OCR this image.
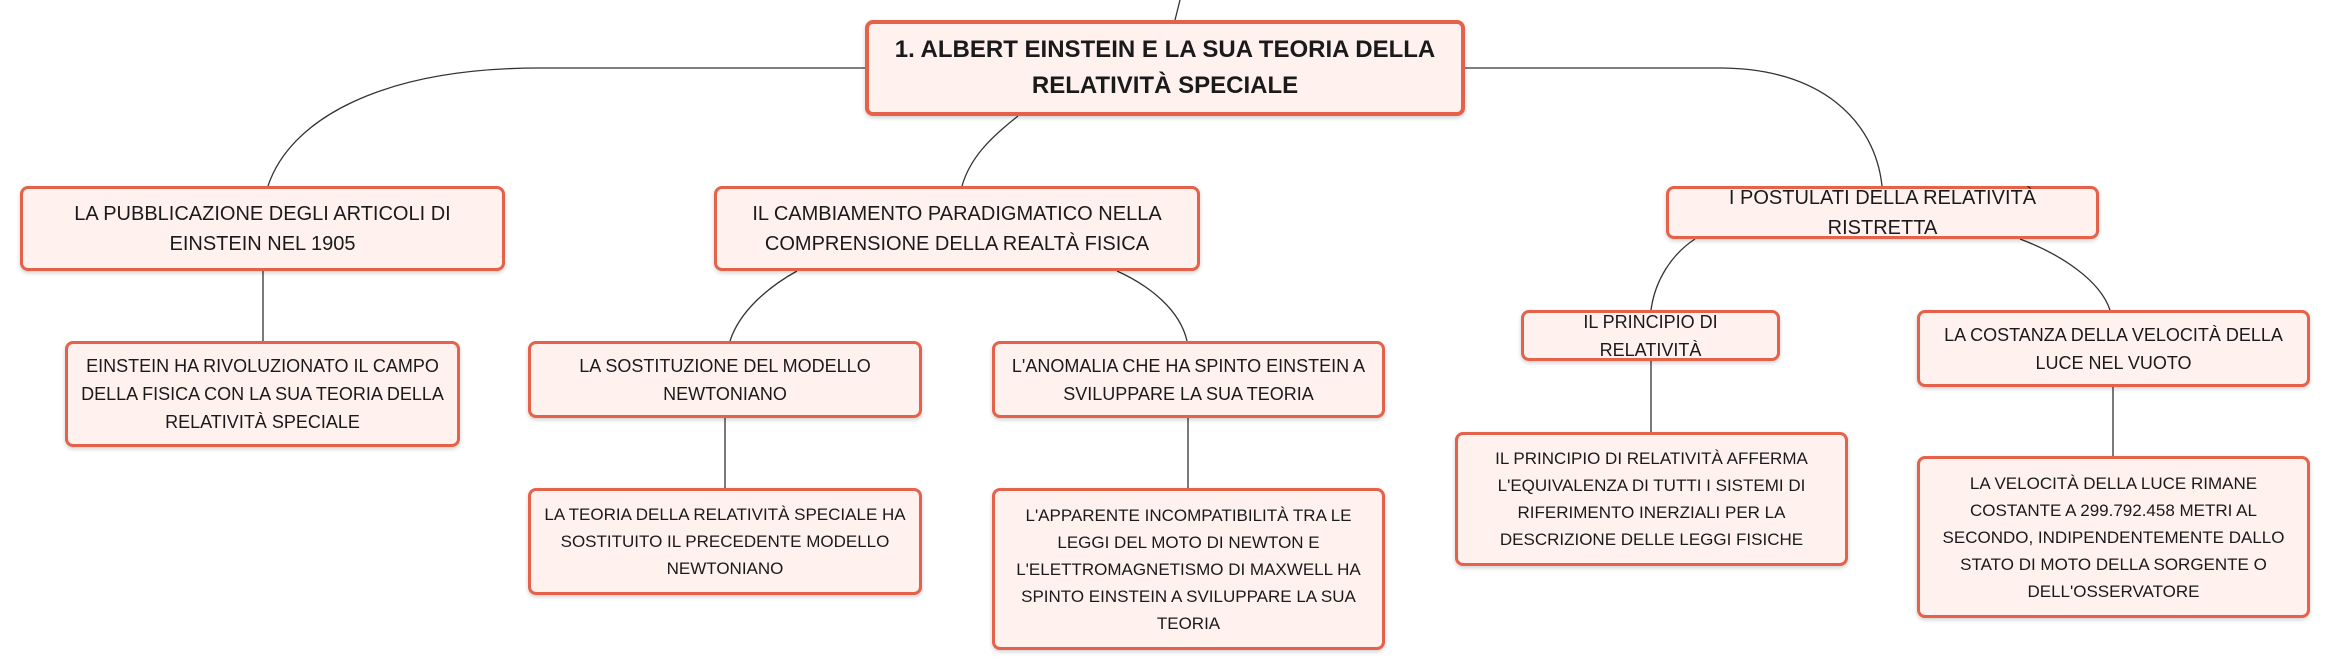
1. ALBERT EINSTEIN E LA SUA TEORIA DELLA RELATIVITÀ SPECIALE
LA PUBBLICAZIONE DEGLI ARTICOLI DI EINSTEIN NEL 1905
IL CAMBIAMENTO PARADIGMATICO NELLA COMPRENSIONE DELLA REALTÀ FISICA
I POSTULATI DELLA RELATIVITÀ RISTRETTA
EINSTEIN HA RIVOLUZIONATO IL CAMPO DELLA FISICA CON LA SUA TEORIA DELLA RELATIVITÀ SPECIALE
LA SOSTITUZIONE DEL MODELLO NEWTONIANO
L'ANOMALIA CHE HA SPINTO EINSTEIN A SVILUPPARE LA SUA TEORIA
IL PRINCIPIO DI RELATIVITÀ
LA COSTANZA DELLA VELOCITÀ DELLA LUCE NEL VUOTO
LA TEORIA DELLA RELATIVITÀ SPECIALE HA SOSTITUITO IL PRECEDENTE MODELLO NEWTONIANO
L'APPARENTE INCOMPATIBILITÀ TRA LE LEGGI DEL MOTO DI NEWTON E L'ELETTROMAGNETISMO DI MAXWELL HA SPINTO EINSTEIN A SVILUPPARE LA SUA TEORIA
IL PRINCIPIO DI RELATIVITÀ AFFERMA L'EQUIVALENZA DI TUTTI I SISTEMI DI RIFERIMENTO INERZIALI PER LA DESCRIZIONE DELLE LEGGI FISICHE
LA VELOCITÀ DELLA LUCE RIMANE COSTANTE A 299.792.458 METRI AL SECONDO, INDIPENDENTEMENTE DALLO STATO DI MOTO DELLA SORGENTE O DELL'OSSERVATORE
